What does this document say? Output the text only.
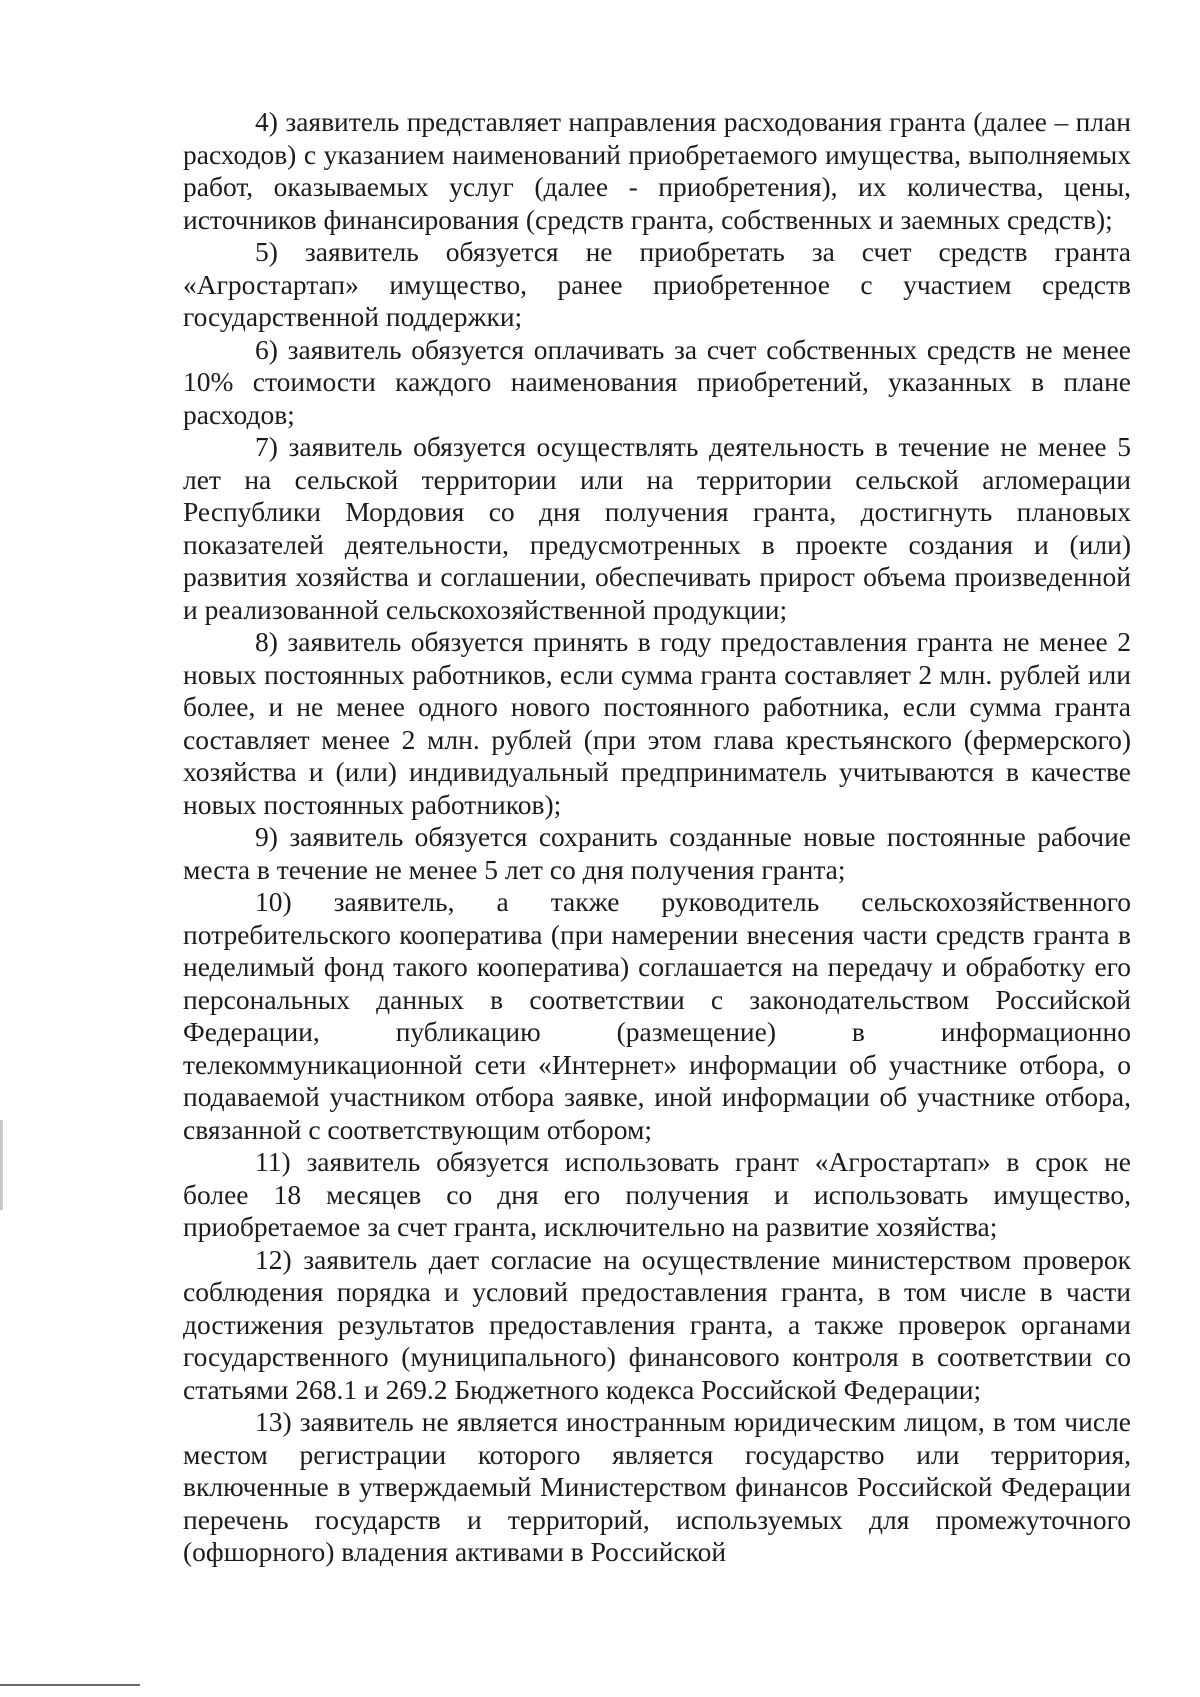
4) заявитель представляет направления расходования гранта (далее – план расходов) с указанием наименований приобретаемого имущества, выполняемых работ, оказываемых услуг (далее - приобретения), их количества, цены, источников финансирования (средств гранта, собственных и заемных средств);

5) заявитель обязуется не приобретать за счет средств гранта «Агростартап» имущество, ранее приобретенное с участием средств государственной поддержки;

6) заявитель обязуется оплачивать за счет собственных средств не менее 10% стоимости каждого наименования приобретений, указанных в плане расходов;

7) заявитель обязуется осуществлять деятельность в течение не менее 5 лет на сельской территории или на территории сельской агломерации Республики Мордовия со дня получения гранта, достигнуть плановых показателей деятельности, предусмотренных в проекте создания и (или) развития хозяйства и соглашении, обеспечивать прирост объема произведенной и реализованной сельскохозяйственной продукции;

8) заявитель обязуется принять в году предоставления гранта не менее 2 новых постоянных работников, если сумма гранта составляет 2 млн. рублей или более, и не менее одного нового постоянного работника, если сумма гранта составляет менее 2 млн. рублей (при этом глава крестьянского (фермерского) хозяйства и (или) индивидуальный предприниматель учитываются в качестве новых постоянных работников);

9) заявитель обязуется сохранить созданные новые постоянные рабочие места в течение не менее 5 лет со дня получения гранта;

10) заявитель, а также руководитель сельскохозяйственного потребительского кооператива (при намерении внесения части средств гранта в неделимый фонд такого кооператива) соглашается на передачу и обработку его персональных данных в соответствии с законодательством Российской Федерации, публикацию (размещение) в информационно телекоммуникационной сети «Интернет» информации об участнике отбора, о подаваемой участником отбора заявке, иной информации об участнике отбора, связанной с соответствующим отбором;

11) заявитель обязуется использовать грант «Агростартап» в срок не более 18 месяцев со дня его получения и использовать имущество, приобретаемое за счет гранта, исключительно на развитие хозяйства;

12) заявитель дает согласие на осуществление министерством проверок соблюдения порядка и условий предоставления гранта, в том числе в части достижения результатов предоставления гранта, а также проверок органами государственного (муниципального) финансового контроля в соответствии со статьями 268.1 и 269.2 Бюджетного кодекса Российской Федерации;

13) заявитель не является иностранным юридическим лицом, в том числе местом регистрации которого является государство или территория, включенные в утверждаемый Министерством финансов Российской Федерации перечень государств и территорий, используемых для промежуточного (офшорного) владения активами в Российской
